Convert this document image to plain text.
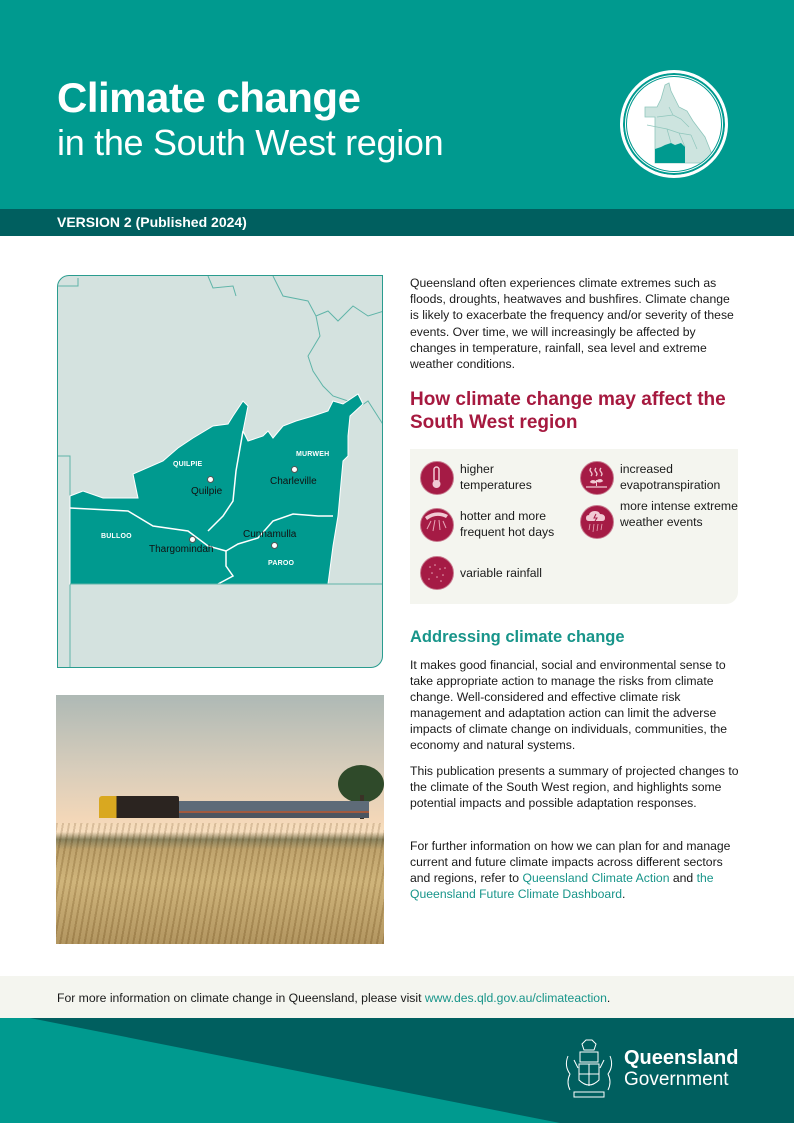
Climate change
in the South West region
VERSION 2 (Published 2024)
QUILPIE
MURWEH
BULLOO
PAROO
Quilpie
Charleville
Thargomindah
Cunnamulla

Queensland often experiences climate extremes such as floods, droughts, heatwaves and bushfires. Climate change is likely to exacerbate the frequency and/or severity of these events. Over time, we will increasingly be affected by changes in temperature, rainfall, sea level and extreme weather conditions.

How climate change may affect the South West region
higher temperatures
hotter and more frequent hot days
variable rainfall
increased evapotranspiration
more intense extreme weather events
Addressing climate change

It makes good financial, social and environmental sense to take appropriate action to manage the risks from climate change. Well-considered and effective climate risk management and adaptation action can limit the adverse impacts of climate change on individuals, communities, the economy and natural systems.

This publication presents a summary of projected changes to the climate of the South West region, and highlights some potential impacts and possible adaptation responses.

For further information on how we can plan for and manage current and future climate impacts across different sectors and regions, refer to Queensland Climate Action and the Queensland Future Climate Dashboard.

For more information on climate change in Queensland, please visit www.des.qld.gov.au/climateaction.

Queensland
Government
